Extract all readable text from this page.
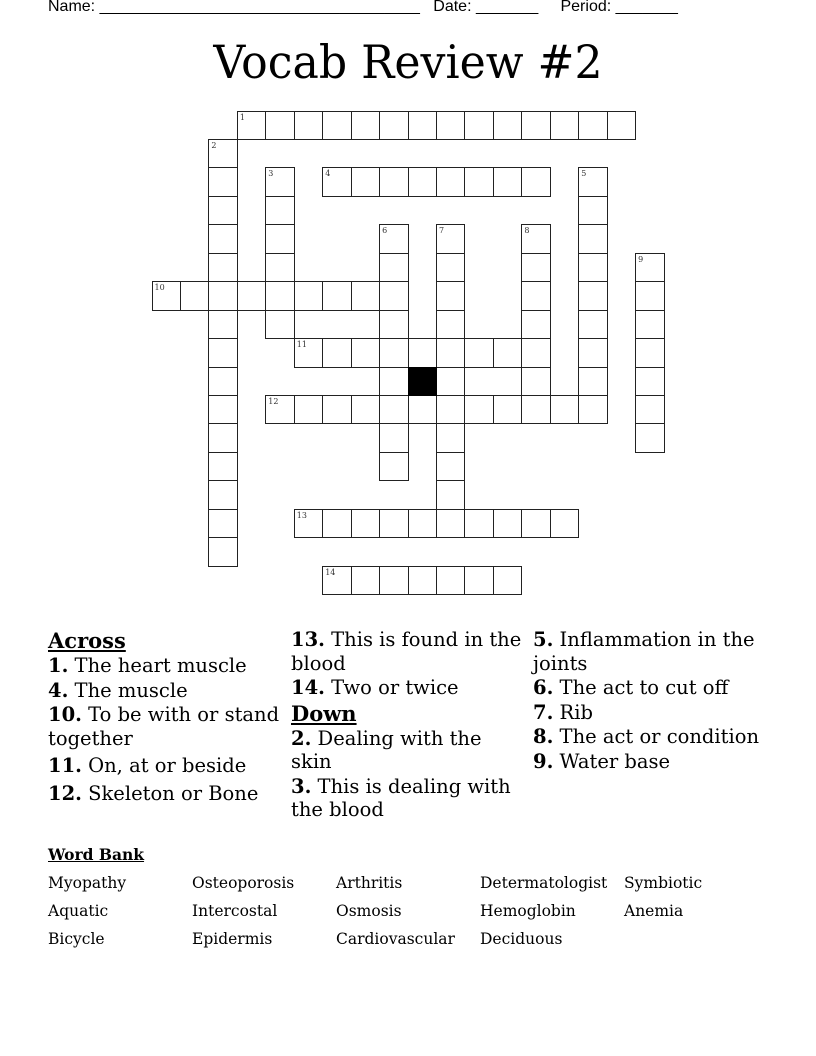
Name: ____________________________________ Date: _______ Period: _______
Vocab Review #2
1
2
3	4	5
6	7	8
9
10
11
12
13
14
Across
1. The heart muscle
4. The muscle
10. To be with or stand together
11. On, at or beside
12. Skeleton or Bone
13. This is found in the blood
14. Two or twice
Down
2. Dealing with the skin
3. This is dealing with the blood
5. Inflammation in the joints
6. The act to cut off
7. Rib
8. The act or condition
9. Water base
Word Bank
Myopathy	Osteoporosis	Arthritis	Determatologist	Symbiotic
Aquatic	Intercostal	Osmosis	Hemoglobin	Anemia
Bicycle	Epidermis	Cardiovascular	Deciduous
